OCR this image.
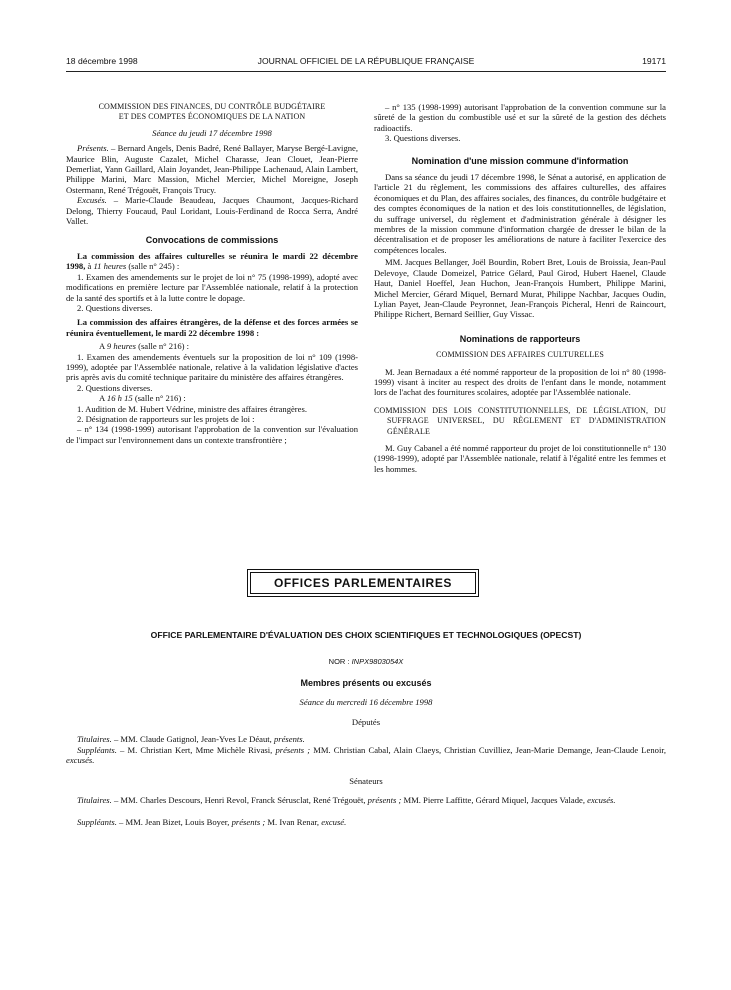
18 décembre 1998	JOURNAL OFFICIEL DE LA RÉPUBLIQUE FRANÇAISE	19171

COMMISSION DES FINANCES, DU CONTRÔLE BUDGÉTAIRE

ET DES COMPTES ÉCONOMIQUES DE LA NATION

Séance du jeudi 17 décembre 1998

Présents. – Bernard Angels, Denis Badré, René Ballayer, Maryse Bergé-Lavigne, Maurice Blin, Auguste Cazalet, Michel Charasse, Jean Clouet, Jean-Pierre Demerliat, Yann Gaillard, Alain Joyandet, Jean-Philippe Lachenaud, Alain Lambert, Philippe Marini, Marc Massion, Michel Mercier, Michel Moreigne, Joseph Ostermann, René Trégouët, François Trucy.

Excusés. – Marie-Claude Beaudeau, Jacques Chaumont, Jacques-Richard Delong, Thierry Foucaud, Paul Loridant, Louis-Ferdinand de Rocca Serra, André Vallet.

Convocations de commissions

La commission des affaires culturelles se réunira le mardi 22 décembre 1998, à 11 heures (salle n° 245) :

1. Examen des amendements sur le projet de loi n° 75 (1998-1999), adopté avec modifications en première lecture par l'Assemblée nationale, relatif à la protection de la santé des sportifs et à la lutte contre le dopage.

2. Questions diverses.

La commission des affaires étrangères, de la défense et des forces armées se réunira éventuellement, le mardi 22 décembre 1998 :

A 9 heures (salle n° 216) :

1. Examen des amendements éventuels sur la proposition de loi n° 109 (1998-1999), adoptée par l'Assemblée nationale, relative à la validation législative d'actes pris après avis du comité technique paritaire du ministère des affaires étrangères.

2. Questions diverses.

A 16 h 15 (salle n° 216) :

1. Audition de M. Hubert Védrine, ministre des affaires étrangères.

2. Désignation de rapporteurs sur les projets de loi :

– n° 134 (1998-1999) autorisant l'approbation de la convention sur l'évaluation de l'impact sur l'environnement dans un contexte transfrontière ;

– n° 135 (1998-1999) autorisant l'approbation de la convention commune sur la sûreté de la gestion du combustible usé et sur la sûreté de la gestion des déchets radioactifs.

3. Questions diverses.

Nomination d'une mission commune d'information

Dans sa séance du jeudi 17 décembre 1998, le Sénat a autorisé, en application de l'article 21 du règlement, les commissions des affaires culturelles, des affaires économiques et du Plan, des affaires sociales, des finances, du contrôle budgétaire et des comptes économiques de la nation et des lois constitutionnelles, de législation, du suffrage universel, du règlement et d'administration générale à désigner les membres de la mission commune d'information chargée de dresser le bilan de la décentralisation et de proposer les améliorations de nature à faciliter l'exercice des compétences locales.

MM. Jacques Bellanger, Joël Bourdin, Robert Bret, Louis de Broissia, Jean-Paul Delevoye, Claude Domeizel, Patrice Gélard, Paul Girod, Hubert Haenel, Claude Haut, Daniel Hoeffel, Jean Huchon, Jean-François Humbert, Philippe Marini, Michel Mercier, Gérard Miquel, Bernard Murat, Philippe Nachbar, Jacques Oudin, Lylian Payet, Jean-Claude Peyronnet, Jean-François Picheral, Henri de Raincourt, Philippe Richert, Bernard Seillier, Guy Vissac.

Nominations de rapporteurs

COMMISSION DES AFFAIRES CULTURELLES

M. Jean Bernadaux a été nommé rapporteur de la proposition de loi n° 80 (1998-1999) visant à inciter au respect des droits de l'enfant dans le monde, notamment lors de l'achat des fournitures scolaires, adoptée par l'Assemblée nationale.

COMMISSION DES LOIS CONSTITUTIONNELLES, DE LÉGISLATION, DU SUFFRAGE UNIVERSEL, DU RÈGLEMENT ET D'ADMINISTRATION GÉNÉRALE

M. Guy Cabanel a été nommé rapporteur du projet de loi constitutionnelle n° 130 (1998-1999), adopté par l'Assemblée nationale, relatif à l'égalité entre les femmes et les hommes.

OFFICES PARLEMENTAIRES
OFFICE PARLEMENTAIRE D'ÉVALUATION DES CHOIX SCIENTIFIQUES ET TECHNOLOGIQUES (OPECST)
NOR : INPX9803054X
Membres présents ou excusés
Séance du mercredi 16 décembre 1998
Députés

Titulaires. – MM. Claude Gatignol, Jean-Yves Le Déaut, présents.

Suppléants. – M. Christian Kert, Mme Michèle Rivasi, présents ; MM. Christian Cabal, Alain Claeys, Christian Cuvilliez, Jean-Marie Demange, Jean-Claude Lenoir, excusés.

Sénateurs

Titulaires. – MM. Charles Descours, Henri Revol, Franck Sérusclat, René Trégouët, présents ; MM. Pierre Laffitte, Gérard Miquel, Jacques Valade, excusés.

Suppléants. – MM. Jean Bizet, Louis Boyer, présents ; M. Ivan Renar, excusé.
